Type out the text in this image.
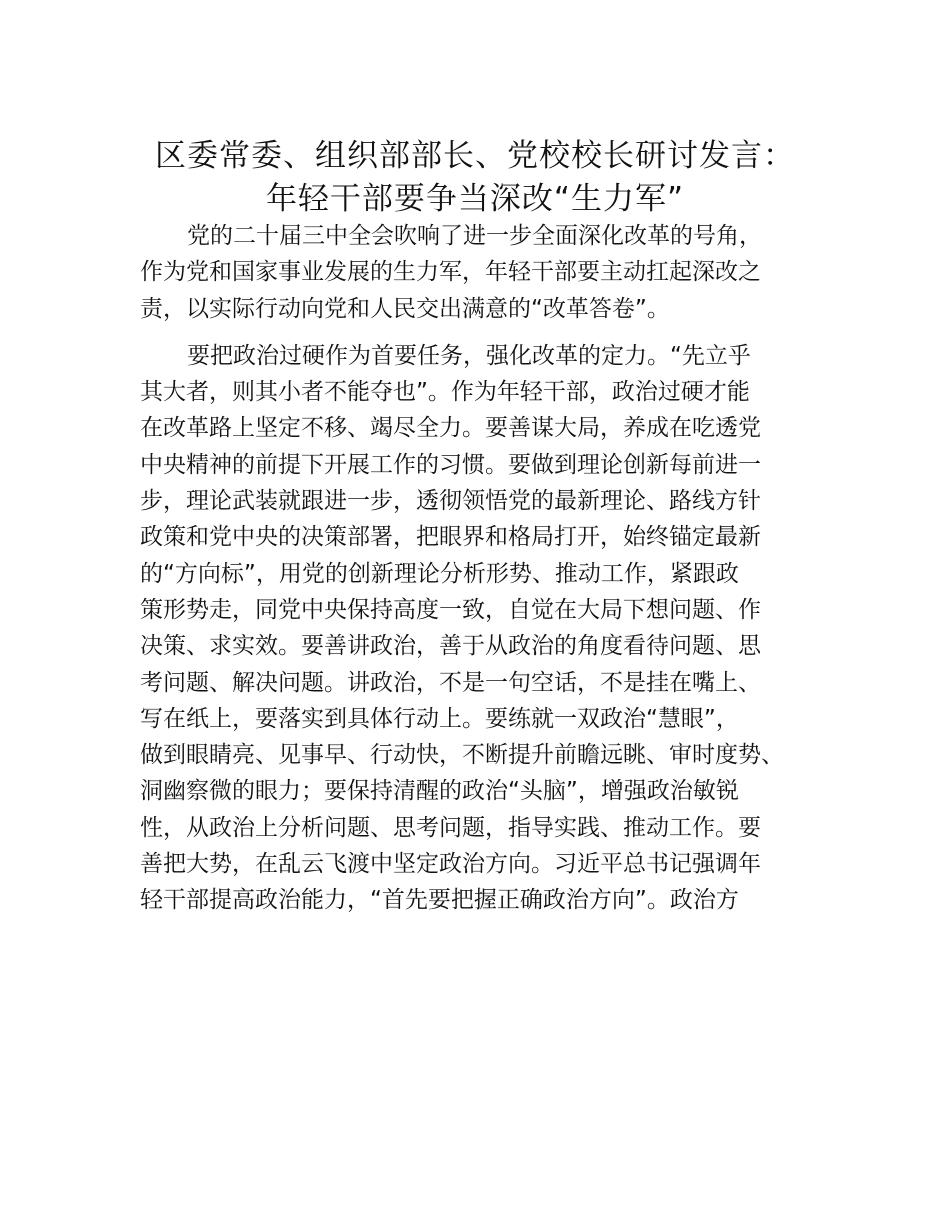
区委常委、组织部部长、党校校长研讨发言：
年轻干部要争当深改“生力军”

党的二十届三中全会吹响了进一步全面深化改革的号角，
作为党和国家事业发展的生力军，年轻干部要主动扛起深改之
责，以实际行动向党和人民交出满意的“改革答卷”。

要把政治过硬作为首要任务，强化改革的定力。“先立乎
其大者，则其小者不能夺也”。作为年轻干部，政治过硬才能
在改革路上坚定不移、竭尽全力。要善谋大局，养成在吃透党
中央精神的前提下开展工作的习惯。要做到理论创新每前进一
步，理论武装就跟进一步，透彻领悟党的最新理论、路线方针
政策和党中央的决策部署，把眼界和格局打开，始终锚定最新
的“方向标”，用党的创新理论分析形势、推动工作，紧跟政
策形势走，同党中央保持高度一致，自觉在大局下想问题、作
决策、求实效。要善讲政治，善于从政治的角度看待问题、思
考问题、解决问题。讲政治，不是一句空话，不是挂在嘴上、
写在纸上，要落实到具体行动上。要练就一双政治“慧眼”，
做到眼睛亮、见事早、行动快，不断提升前瞻远眺、审时度势、
洞幽察微的眼力；要保持清醒的政治“头脑”，增强政治敏锐
性，从政治上分析问题、思考问题，指导实践、推动工作。要
善把大势，在乱云飞渡中坚定政治方向。习近平总书记强调年
轻干部提高政治能力，“首先要把握正确政治方向”。政治方
